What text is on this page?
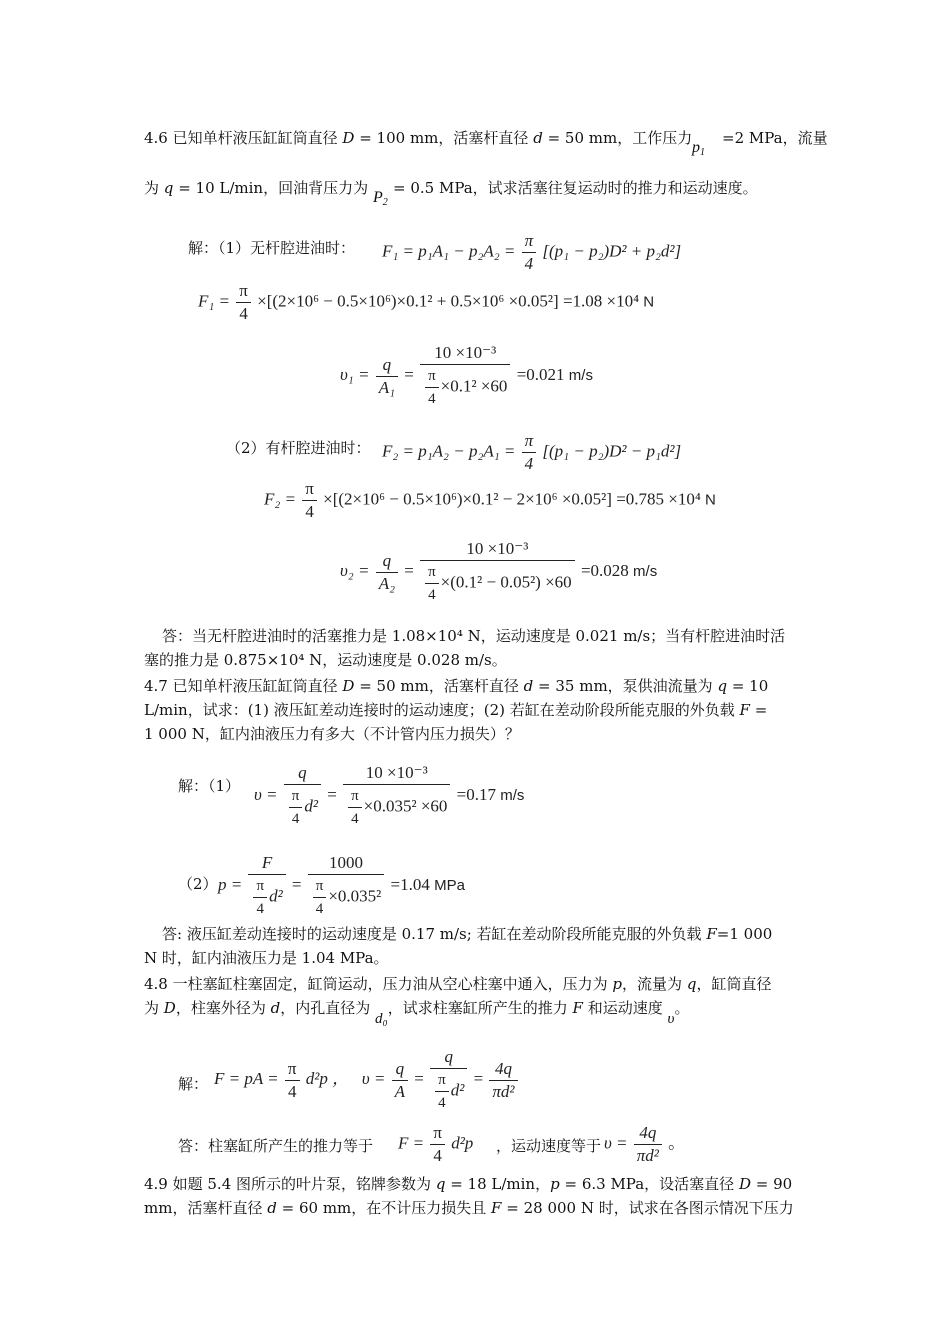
4.6 已知单杆液压缸缸筒直径 D = 100 mm，活塞杆直径 d = 50 mm，工作压力
$p_1$
=2 MPa，流量
为 q = 10 L/min，回油背压力为
$P_2$
= 0.5 MPa，试求活塞往复运动时的推力和运动速度。
解：（1）无杆腔进油时： $F_1 = p_1A_1 - p_2A_2 = \frac{\pi}{4} [(p_1 - p_2)D^2 + p_2d^2]$
$F_1 = \frac{\pi}{4} \times[(2\times 10^6 - 0.5\times 10^6)\times 0.1^2 + 0.5\times 10^6 \times 0.05^2] =1.08 \times 10^4$ N
$\upsilon_1 = \frac{q}{\text{A₁}} = \frac{\text{10 ×10⁻³}}{\frac{\pi}{4} \times 0.1^2 \times 60} =0.021$ m/s
（2）有杆腔进油时： $F_2 = p_1A_2 - p_2A_1 = \frac{\pi}{4} [(p_1 - p_2)D^2 - p_1d^2]$
$F_2 = \frac{\pi}{4} \times[(2\times 10^6 - 0.5\times 10^6)\times 0.1^2 - 2\times 10^6 \times 0.05^2] =0.785 \times 10^4$ N
$\upsilon_2 = \frac{q}{\text{A₂}} = \frac{\text{10 ×10⁻³}}{\frac{\pi}{4} \times(0.1^2 - 0.05^2) \times 60} =0.028$ m/s
答：当无杆腔进油时的活塞推力是 1.08×10⁴ N，运动速度是 0.021 m/s；当有杆腔进油时活
塞的推力是 0.875×10⁴ N，运动速度是 0.028 m/s。
4.7 已知单杆液压缸缸筒直径 D = 50 mm，活塞杆直径 d = 35 mm，泵供油流量为 q = 10
L/min，试求：(1) 液压缸差动连接时的运动速度；(2) 若缸在差动阶段所能克服的外负载 F =
1 000 N，缸内油液压力有多大（不计管内压力损失）？
解：（1） $\upsilon = \frac{q}{\frac{\pi}{4} d^2} = \frac{\text{10 ×10⁻³}}{\frac{\pi}{4} \times 0.035^2 \times 60} =0.17$ m/s
（2） $p = \frac{F}{\frac{\pi}{4} d^2} = \frac{1000}{\frac{\pi}{4} \times 0.035^2} =1.04$ MPa
答: 液压缸差动连接时的运动速度是 0.17 m/s; 若缸在差动阶段所能克服的外负载 F=1 000
N 时，缸内油液压力是 1.04 MPa。
4.8 一柱塞缸柱塞固定，缸筒运动，压力油从空心柱塞中通入，压力为 p，流量为 q，缸筒直径
为 D，柱塞外径为 d，内孔直径为 d₀，试求柱塞缸所产生的推力 F 和运动速度 υ。
解： F = pA = $\frac{\pi}{4} d^2p$ ， $\upsilon = \frac{q}{A} = \frac{q}{\frac{\pi}{4} d^2} = \frac{4q}{\text{πd²}}$
答：柱塞缸所产生的推力等于 $F = \frac{\pi}{4} d^2p$ ，运动速度等于 $\upsilon = \frac{4q}{\text{πd²}}$ 。
4.9 如题 5.4 图所示的叶片泵，铭牌参数为 q = 18 L/min，p = 6.3 MPa，设活塞直径 D = 90
mm，活塞杆直径 d = 60 mm，在不计压力损失且 F = 28 000 N 时，试求在各图示情况下压力
